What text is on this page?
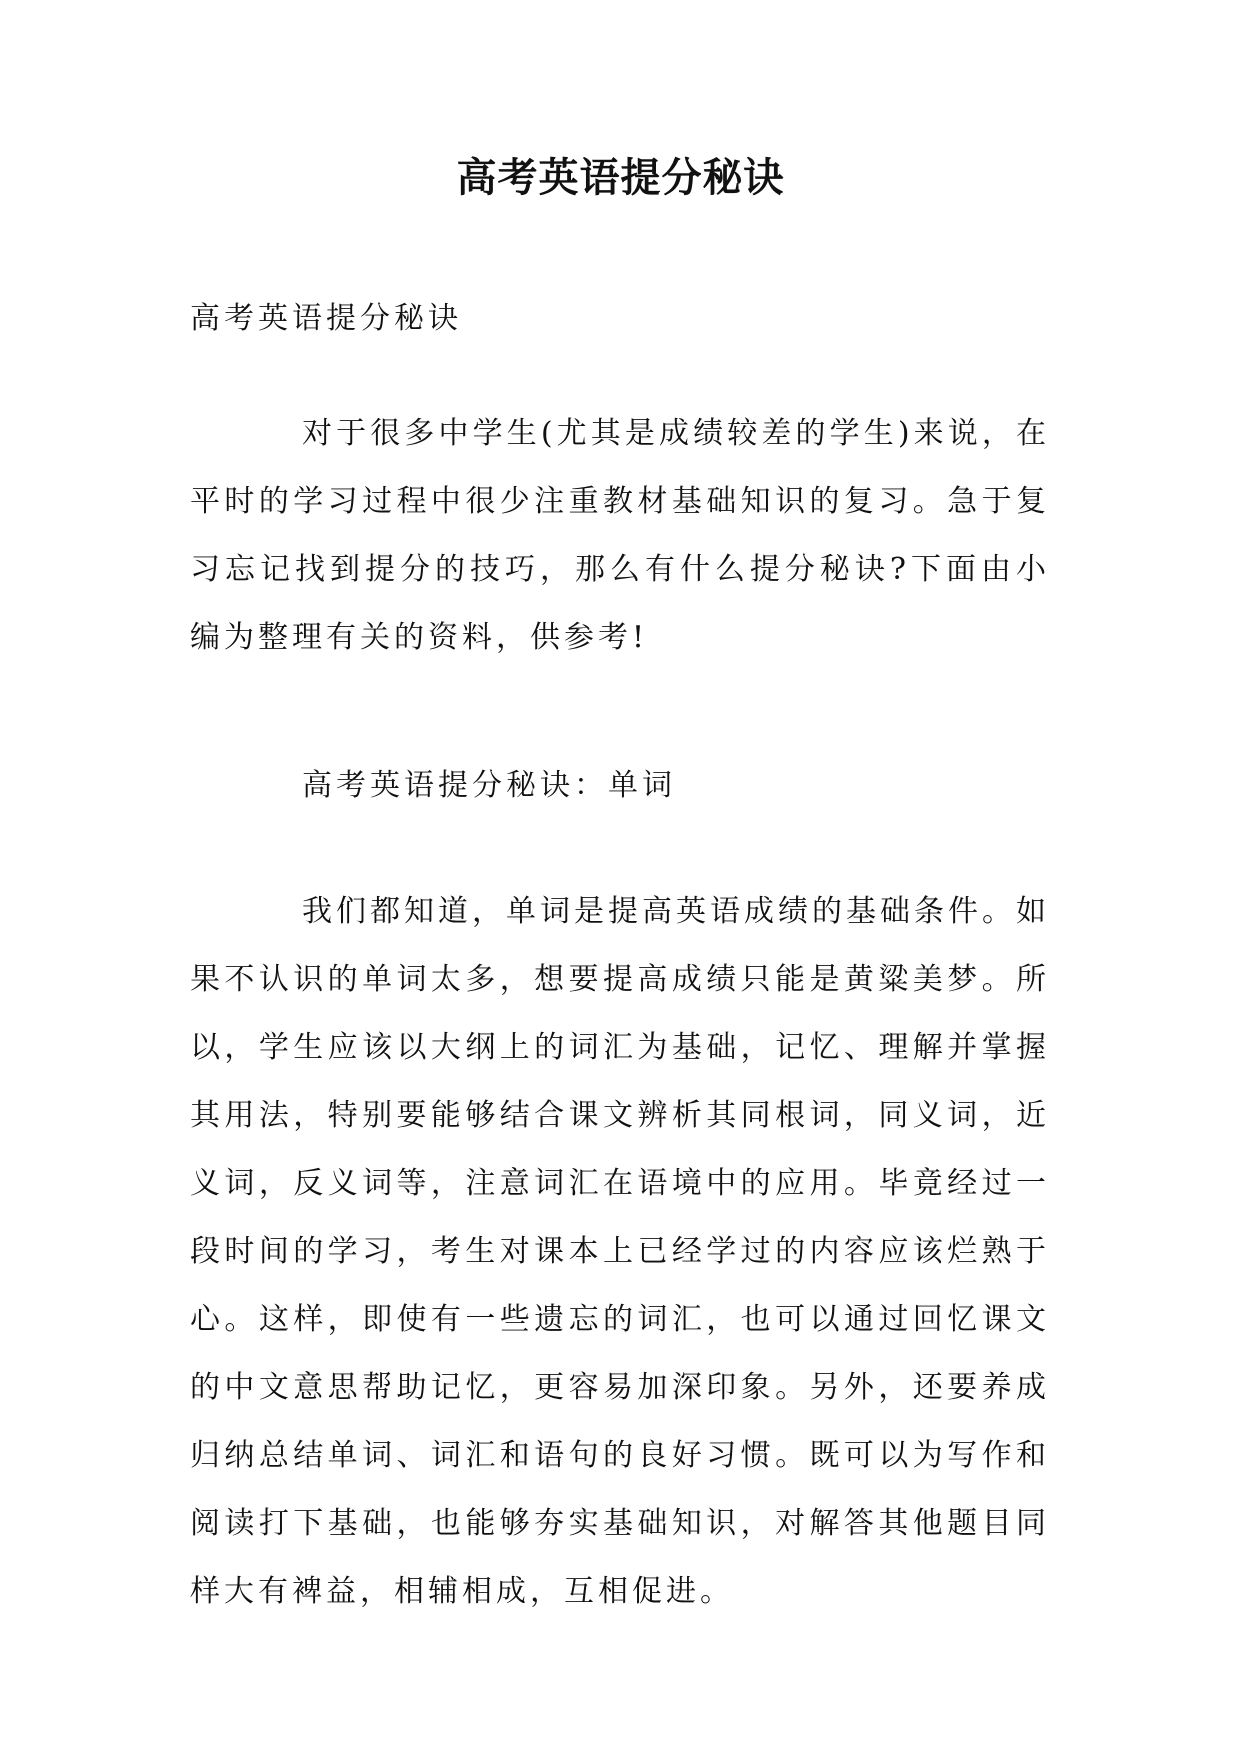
高考英语提分秘诀

高考英语提分秘诀

对于很多中学生(尤其是成绩较差的学生)来说，在平时的学习过程中很少注重教材基础知识的复习。急于复习忘记找到提分的技巧，那么有什么提分秘诀?下面由小编为整理有关的资料，供参考!

高考英语提分秘诀：单词

我们都知道，单词是提高英语成绩的基础条件。如果不认识的单词太多，想要提高成绩只能是黄粱美梦。所以，学生应该以大纲上的词汇为基础，记忆、理解并掌握其用法，特别要能够结合课文辨析其同根词，同义词，近义词，反义词等，注意词汇在语境中的应用。毕竟经过一段时间的学习，考生对课本上已经学过的内容应该烂熟于心。这样，即使有一些遗忘的词汇，也可以通过回忆课文的中文意思帮助记忆，更容易加深印象。另外，还要养成归纳总结单词、词汇和语句的良好习惯。既可以为写作和阅读打下基础，也能够夯实基础知识，对解答其他题目同样大有裨益，相辅相成，互相促进。
